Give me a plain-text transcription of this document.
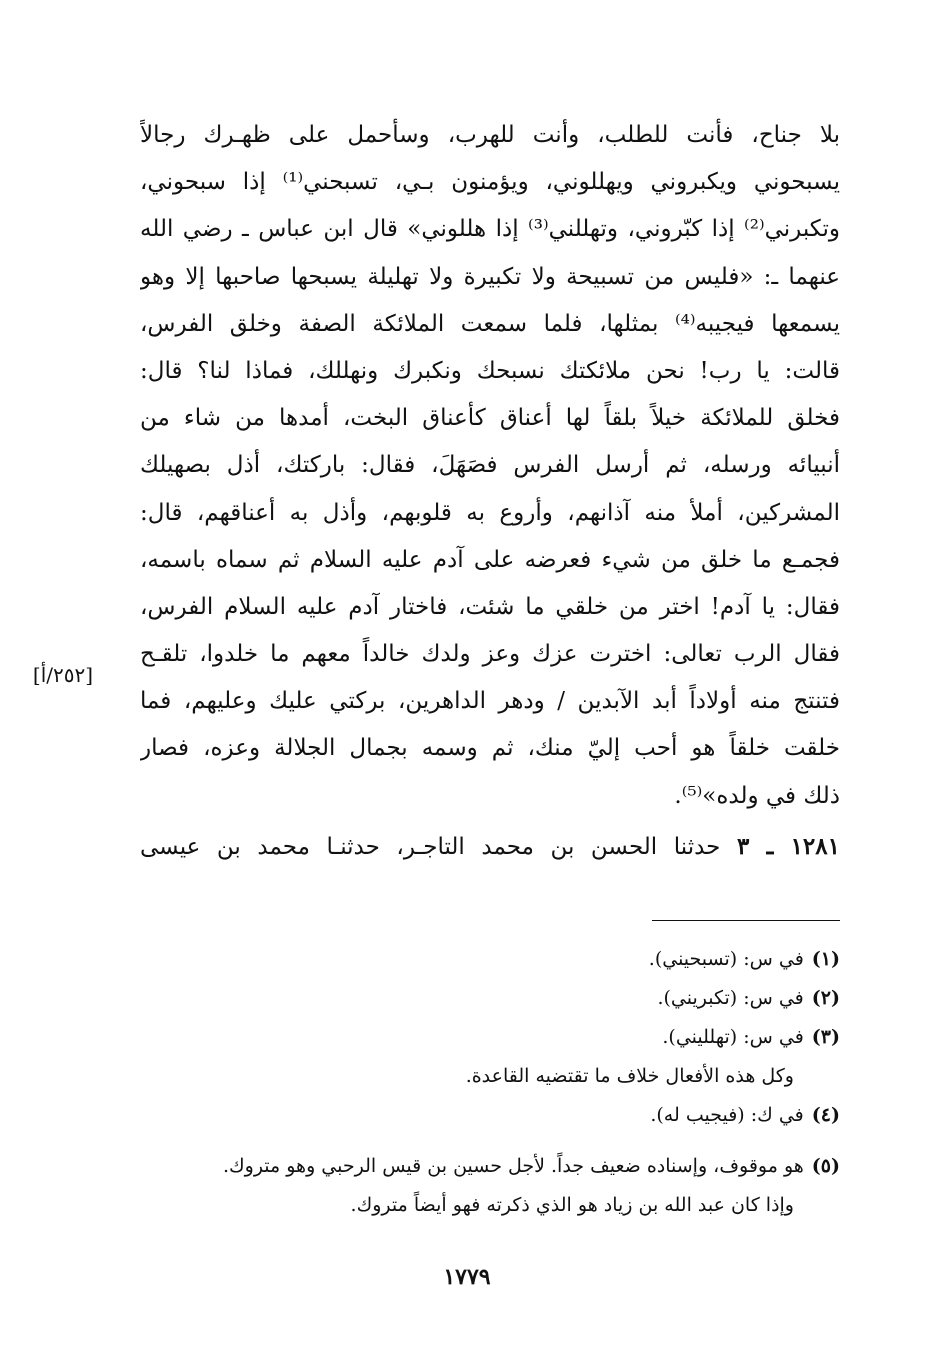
بلا جناح، فأنت للطلب، وأنت للهرب، وسأحمل على ظهـرك رجالاً
يسبحوني ويكبروني ويهللوني، ويؤمنون بـي، تسبحني⁽¹⁾ إذا سبحوني،
وتكبرني⁽²⁾ إذا كبّروني، وتهللني⁽³⁾ إذا هللوني» قال ابن عباس ـ رضي الله
عنهما ـ: «فليس من تسبيحة ولا تكبيرة ولا تهليلة يسبحها صاحبها إلا وهو
يسمعها فيجيبه⁽⁴⁾ بمثلها، فلما سمعت الملائكة الصفة وخلق الفرس،
قالت: يا رب! نحن ملائكتك نسبحك ونكبرك ونهللك، فماذا لنا؟ قال:
فخلق للملائكة خيلاً بلقاً لها أعناق كأعناق البخت، أمدها من شاء من
أنبيائه ورسله، ثم أرسل الفرس فصَهَلَ، فقال: باركتك، أذل بصهيلك
المشركين، أملأ منه آذانهم، وأروع به قلوبهم، وأذل به أعناقهم، قال:
فجمـع ما خلق من شيء فعرضه على آدم عليه السلام ثم سماه باسمه،
فقال: يا آدم! اختر من خلقي ما شئت، فاختار آدم عليه السلام الفرس،
فقال الرب تعالى: اخترت عزك وعز ولدك خالداً معهم ما خلدوا، تلقـح
فتنتج منه أولاداً أبد الآبدين / ودهر الداهرين، بركتي عليك وعليهم، فما
خلقت خلقاً هو أحب إليّ منك، ثم وسمه بجمال الجلالة وعزه، فصار
ذلك في ولده»⁽⁵⁾.
[٢٥٢/أ]
١٢٨١ ـ ٣ حدثنا الحسن بن محمد التاجـر، حدثنـا محمد بن عيسى
(١)في س: (تسبحيني).
(٢)في س: (تكبريني).
(٣)في س: (تهلليني).
وكل هذه الأفعال خلاف ما تقتضيه القاعدة.
(٤)في ك: (فيجيب له).
(٥)هو موقوف، وإسناده ضعيف جداً. لأجل حسين بن قيس الرحبي وهو متروك.
وإذا كان عبد الله بن زياد هو الذي ذكرته فهو أيضاً متروك.
١٧٧٩
